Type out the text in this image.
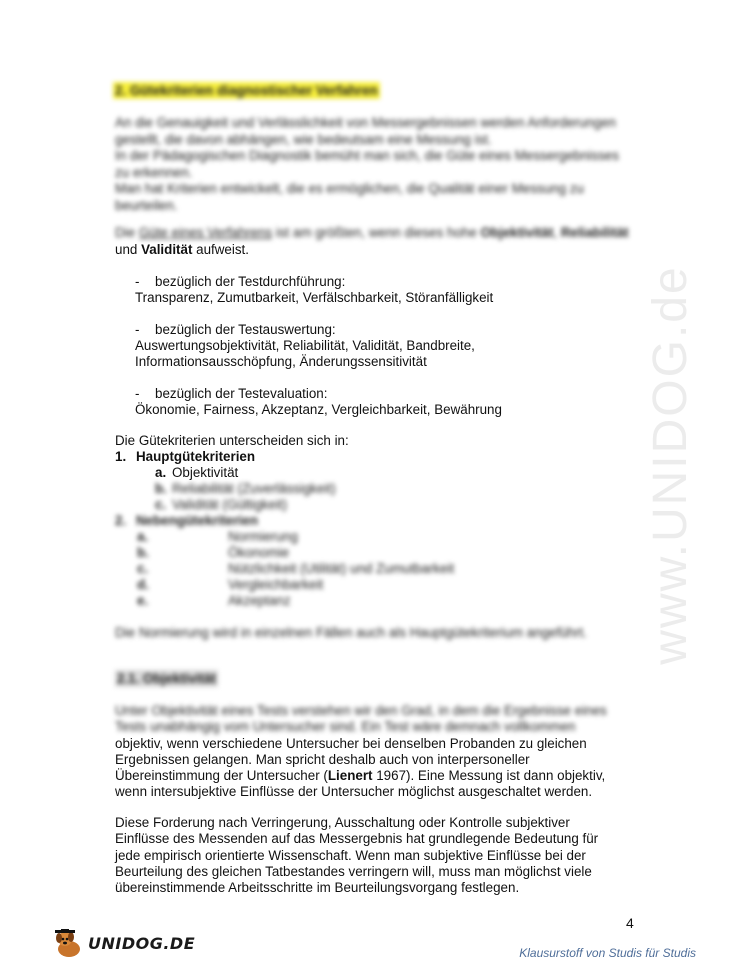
www.UNIDOG.de
2. Gütekriterien diagnostischer Verfahren
An die Genauigkeit und Verlässlichkeit von Messergebnissen werden Anforderungen
gestellt, die davon abhängen, wie bedeutsam eine Messung ist.
In der Pädagogischen Diagnostik bemüht man sich, die Güte eines Messergebnisses
zu erkennen.
Man hat Kriterien entwickelt, die es ermöglichen, die Qualität einer Messung zu
beurteilen.
Die Güte eines Verfahrens ist am größten, wenn dieses hohe Objektivität, Reliabilität
und Validität aufweist.
- bezüglich der Testdurchführung:
Transparenz, Zumutbarkeit, Verfälschbarkeit, Störanfälligkeit
- bezüglich der Testauswertung:
Auswertungsobjektivität, Reliabilität, Validität, Bandbreite,
Informationsausschöpfung, Änderungssensitivität
- bezüglich der Testevaluation:
Ökonomie, Fairness, Akzeptanz, Vergleichbarkeit, Bewährung
Die Gütekriterien unterscheiden sich in:
1. Hauptgütekriterien
a. Objektivität
b. Reliabilität (Zuverlässigkeit)
c. Validität (Gültigkeit)
2. Nebengütekriterien
a.	Normierung
b.	Ökonomie
c.	Nützlichkeit (Utilität) und Zumutbarkeit
d.	Vergleichbarkeit
e.	Akzeptanz
Die Normierung wird in einzelnen Fällen auch als Hauptgütekriterium angeführt.
2.1. Objektivität
Unter Objektivität eines Tests verstehen wir den Grad, in dem die Ergebnisse eines
Tests unabhängig vom Untersucher sind. Ein Test wäre demnach vollkommen
objektiv, wenn verschiedene Untersucher bei denselben Probanden zu gleichen
Ergebnissen gelangen. Man spricht deshalb auch von interpersoneller
Übereinstimmung der Untersucher (Lienert 1967). Eine Messung ist dann objektiv,
wenn intersubjektive Einflüsse der Untersucher möglichst ausgeschaltet werden.
Diese Forderung nach Verringerung, Ausschaltung oder Kontrolle subjektiver
Einflüsse des Messenden auf das Messergebnis hat grundlegende Bedeutung für
jede empirisch orientierte Wissenschaft. Wenn man subjektive Einflüsse bei der
Beurteilung des gleichen Tatbestandes verringern will, muss man möglichst viele
übereinstimmende Arbeitsschritte im Beurteilungsvorgang festlegen.
4
UNIDOG.DE	Klausurstoff von Studis für Studis
